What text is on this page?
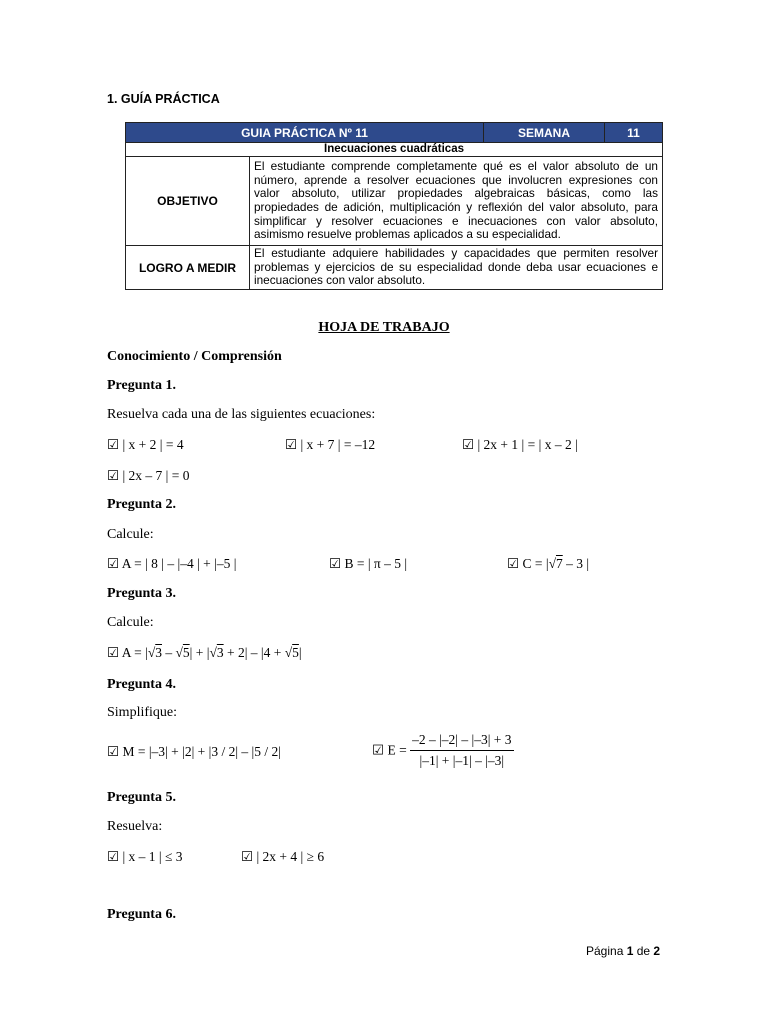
1. GUÍA PRÁCTICA
GUIA PRÁCTICA Nº 11		SEMANA	11
Inecuaciones cuadráticas			
OBJETIVO	El estudiante comprende completamente qué es el valor absoluto de un número, aprende a resolver ecuaciones que involucren expresiones con valor absoluto, utilizar propiedades algebraicas básicas, como las propiedades de adición, multiplicación y reflexión del valor absoluto, para simplificar y resolver ecuaciones e inecuaciones con valor absoluto, asimismo resuelve problemas aplicados a su especialidad.		
LOGRO A MEDIR	El estudiante adquiere habilidades y capacidades que permiten resolver problemas y ejercicios de su especialidad donde deba usar ecuaciones e inecuaciones con valor absoluto.		
HOJA DE TRABAJO
Conocimiento / Comprensión
Pregunta 1.
Resuelva cada una de las siguientes ecuaciones:
☑ | x + 2 | = 4	☑ | x + 7 | = –12	☑ | 2x + 1 | = | x – 2 |
☑ | 2x – 7 | = 0
Pregunta 2.
Calcule:
☑ A = | 8 | – |–4 | + |–5 |	☑ B = | π – 5 |	☑ C = |√7 – 3 |
Pregunta 3.
Calcule:
☑ A = |√3 – √5| + |√3 + 2| – |4 + √5|
Pregunta 4.
Simplifique:
☑ M = |–3| + |2| + |3 / 2| – |5 / 2|	☑ $E = \frac{-2 - |-2| - |-3| + 3}{|-1| + |-1| - |-3|}$
Pregunta 5.
Resuelva:
☑ | x – 1 | ≤ 3	☑ | 2x + 4 | ≥ 6
Pregunta 6.
Página 1 de 2
